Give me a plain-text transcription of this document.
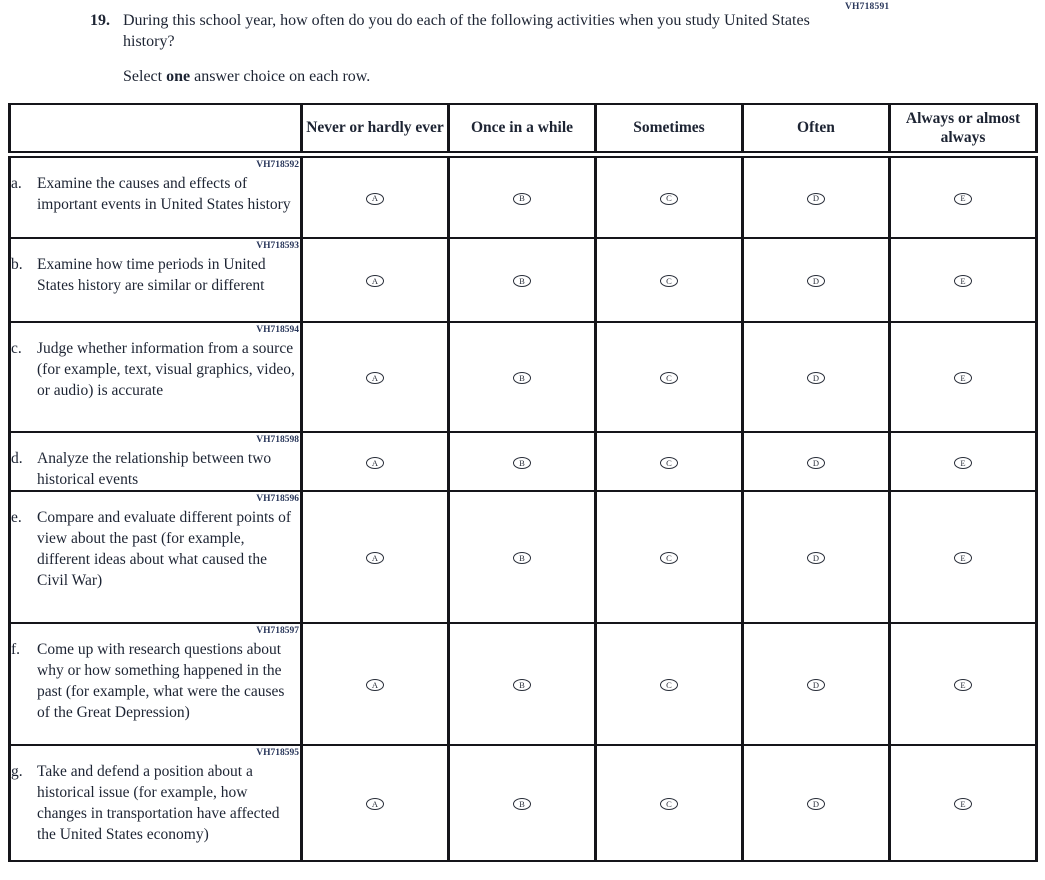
VH718591
19. During this school year, how often do you do each of the following activities when you study United States history?

Select one answer choice on each row.

	Never or hardly ever	Once in a while	Sometimes	Often	Always or almost always

VH718592
a. Examine the causes and effects of important events in United States history	A	B	C	D	E

VH718593
b. Examine how time periods in United States history are similar or different	A	B	C	D	E

VH718594
c. Judge whether information from a source (for example, text, visual graphics, video, or audio) is accurate	A	B	C	D	E

VH718598
d. Analyze the relationship between two historical events	A	B	C	D	E

VH718596
e. Compare and evaluate different points of view about the past (for example, different ideas about what caused the Civil War)	A	B	C	D	E

VH718597
f. Come up with research questions about why or how something happened in the past (for example, what were the causes of the Great Depression)	A	B	C	D	E

VH718595
g. Take and defend a position about a historical issue (for example, how changes in transportation have affected the United States economy)	A	B	C	D	E
